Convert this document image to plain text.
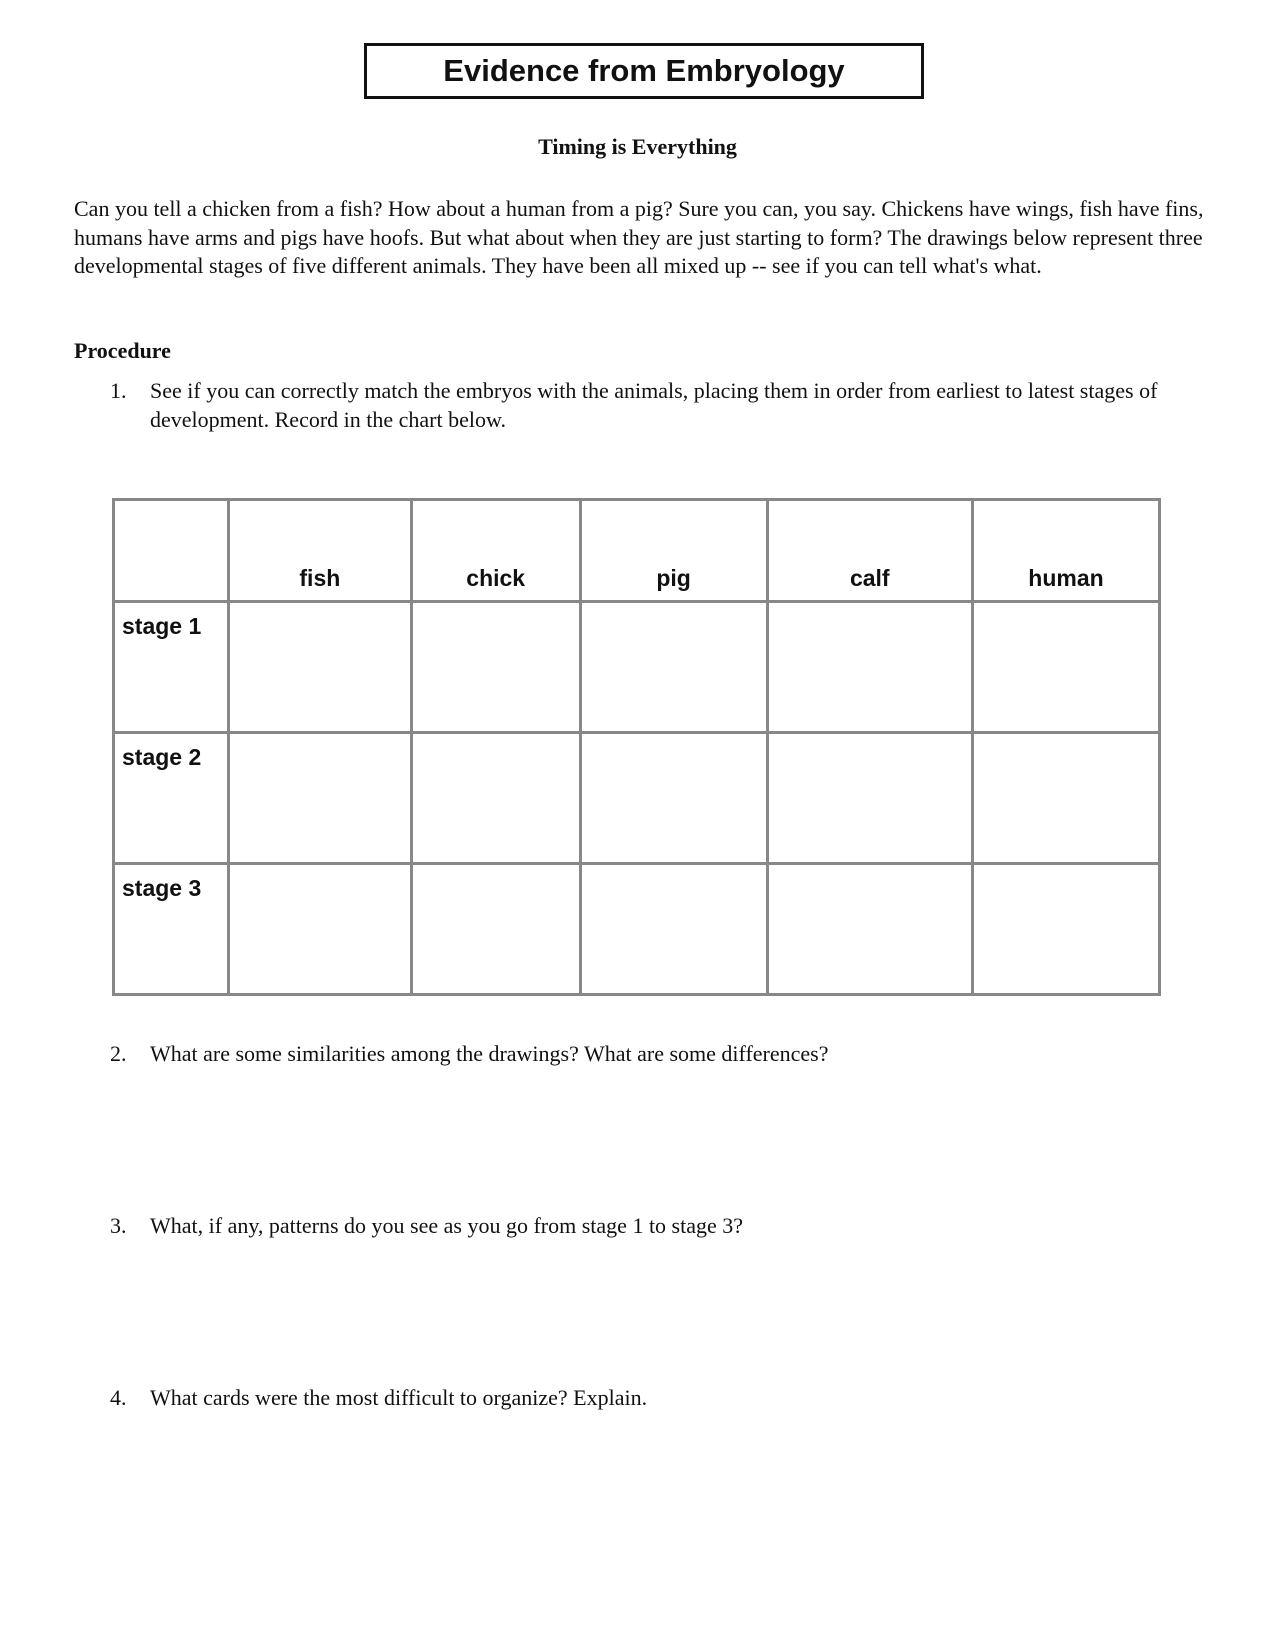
Evidence from Embryology
Timing is Everything
Can you tell a chicken from a fish? How about a human from a pig? Sure you can, you say. Chickens have wings, fish have fins, humans have arms and pigs have hoofs. But what about when they are just starting to form? The drawings below represent three developmental stages of five different animals. They have been all mixed up -- see if you can tell what's what.
Procedure
1.	See if you can correctly match the embryos with the animals, placing them in order from earliest to latest stages of development. Record in the chart below.
	fish	chick	pig	calf	human
stage 1					
stage 2					
stage 3					
2.	What are some similarities among the drawings? What are some differences?
3.	What, if any, patterns do you see as you go from stage 1 to stage 3?
4.	What cards were the most difficult to organize? Explain.
